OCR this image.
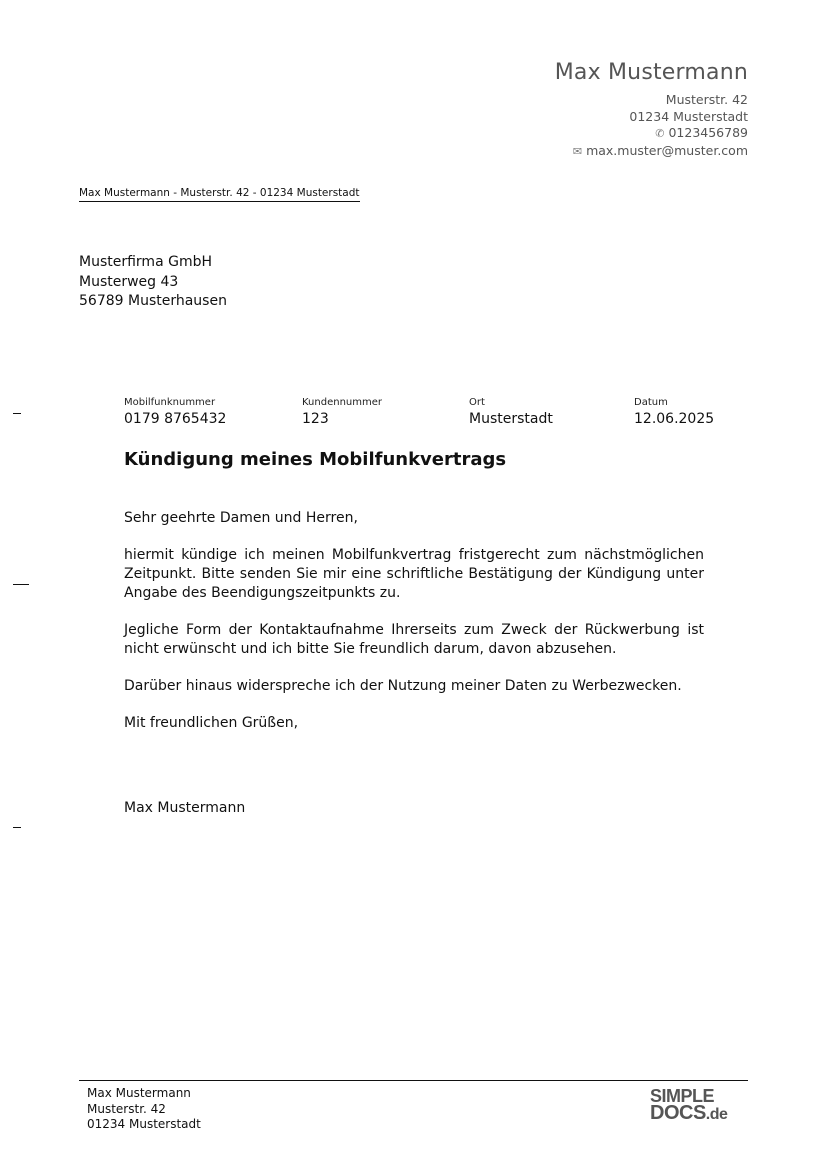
Max Mustermann
Musterstr. 42
01234 Musterstadt
✆ 0123456789
✉ max.muster@muster.com
Max Mustermann - Musterstr. 42 - 01234 Musterstadt
Musterfirma GmbH
Musterweg 43
56789 Musterhausen
Mobilfunknummer
0179 8765432
Kundennummer
123
Ort
Musterstadt
Datum
12.06.2025
Kündigung meines Mobilfunkvertrags

Sehr geehrte Damen und Herren,

hiermit kündige ich meinen Mobilfunkvertrag fristgerecht zum nächstmöglichen Zeitpunkt. Bitte senden Sie mir eine schriftliche Bestätigung der Kündigung unter Angabe des Beendigungszeitpunkts zu.

Jegliche Form der Kontaktaufnahme Ihrerseits zum Zweck der Rückwerbung ist nicht erwünscht und ich bitte Sie freundlich darum, davon abzusehen.

Darüber hinaus widerspreche ich der Nutzung meiner Daten zu Werbezwecken.

Mit freundlichen Grüßen,

Max Mustermann
Max Mustermann
Musterstr. 42
01234 Musterstadt
SIMPLE
DOCS.de
